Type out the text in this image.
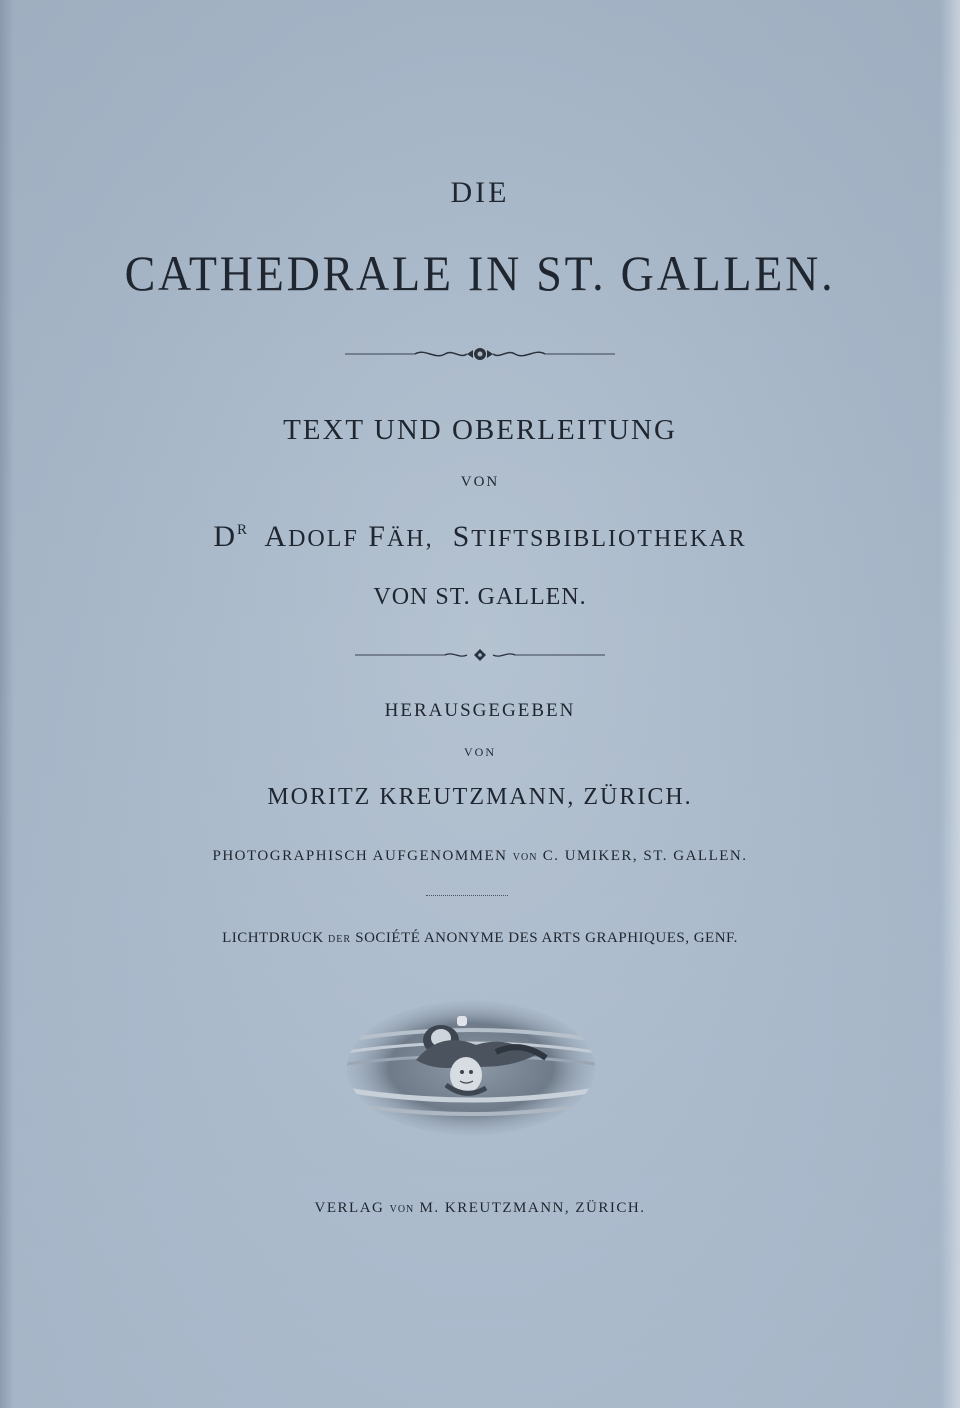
DIE
CATHEDRALE IN ST. GALLEN.
TEXT UND OBERLEITUNG
VON
$D^R$ ADOLF FÄH, STIFTSBIBLIOTHEKAR
VON ST. GALLEN.
HERAUSGEGEBEN
VON
MORITZ KREUTZMANN, ZÜRICH.
PHOTOGRAPHISCH AUFGENOMMEN VON C. UMIKER, ST. GALLEN.
LICHTDRUCK DER SOCIÉTÉ ANONYME DES ARTS GRAPHIQUES, GENF.
VERLAG VON M. KREUTZMANN, ZÜRICH.
